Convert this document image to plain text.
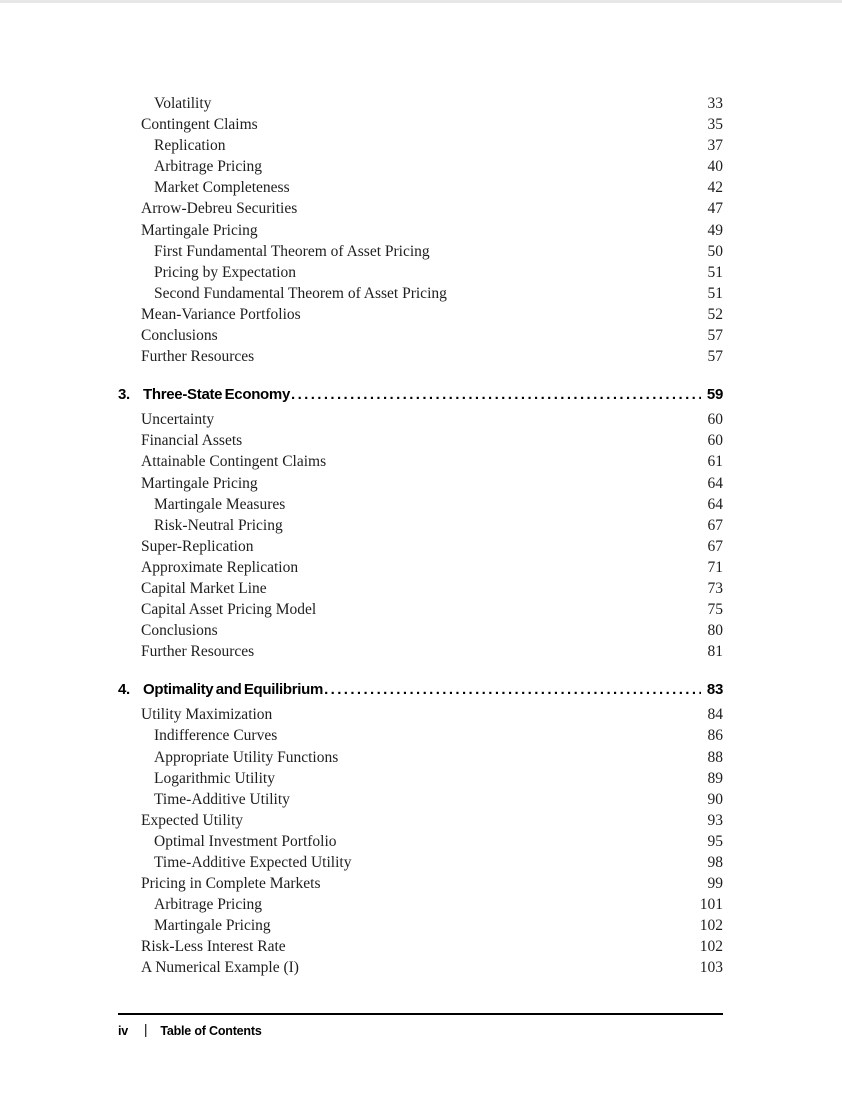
Volatility	33
Contingent Claims	35
Replication	37
Arbitrage Pricing	40
Market Completeness	42
Arrow-Debreu Securities	47
Martingale Pricing	49
First Fundamental Theorem of Asset Pricing	50
Pricing by Expectation	51
Second Fundamental Theorem of Asset Pricing	51
Mean-Variance Portfolios	52
Conclusions	57
Further Resources	57
3. Three-State Economy .....	59
Uncertainty	60
Financial Assets	60
Attainable Contingent Claims	61
Martingale Pricing	64
Martingale Measures	64
Risk-Neutral Pricing	67
Super-Replication	67
Approximate Replication	71
Capital Market Line	73
Capital Asset Pricing Model	75
Conclusions	80
Further Resources	81
4. Optimality and Equilibrium .....	83
Utility Maximization	84
Indifference Curves	86
Appropriate Utility Functions	88
Logarithmic Utility	89
Time-Additive Utility	90
Expected Utility	93
Optimal Investment Portfolio	95
Time-Additive Expected Utility	98
Pricing in Complete Markets	99
Arbitrage Pricing	101
Martingale Pricing	102
Risk-Less Interest Rate	102
A Numerical Example (I)	103
iv | Table of Contents
